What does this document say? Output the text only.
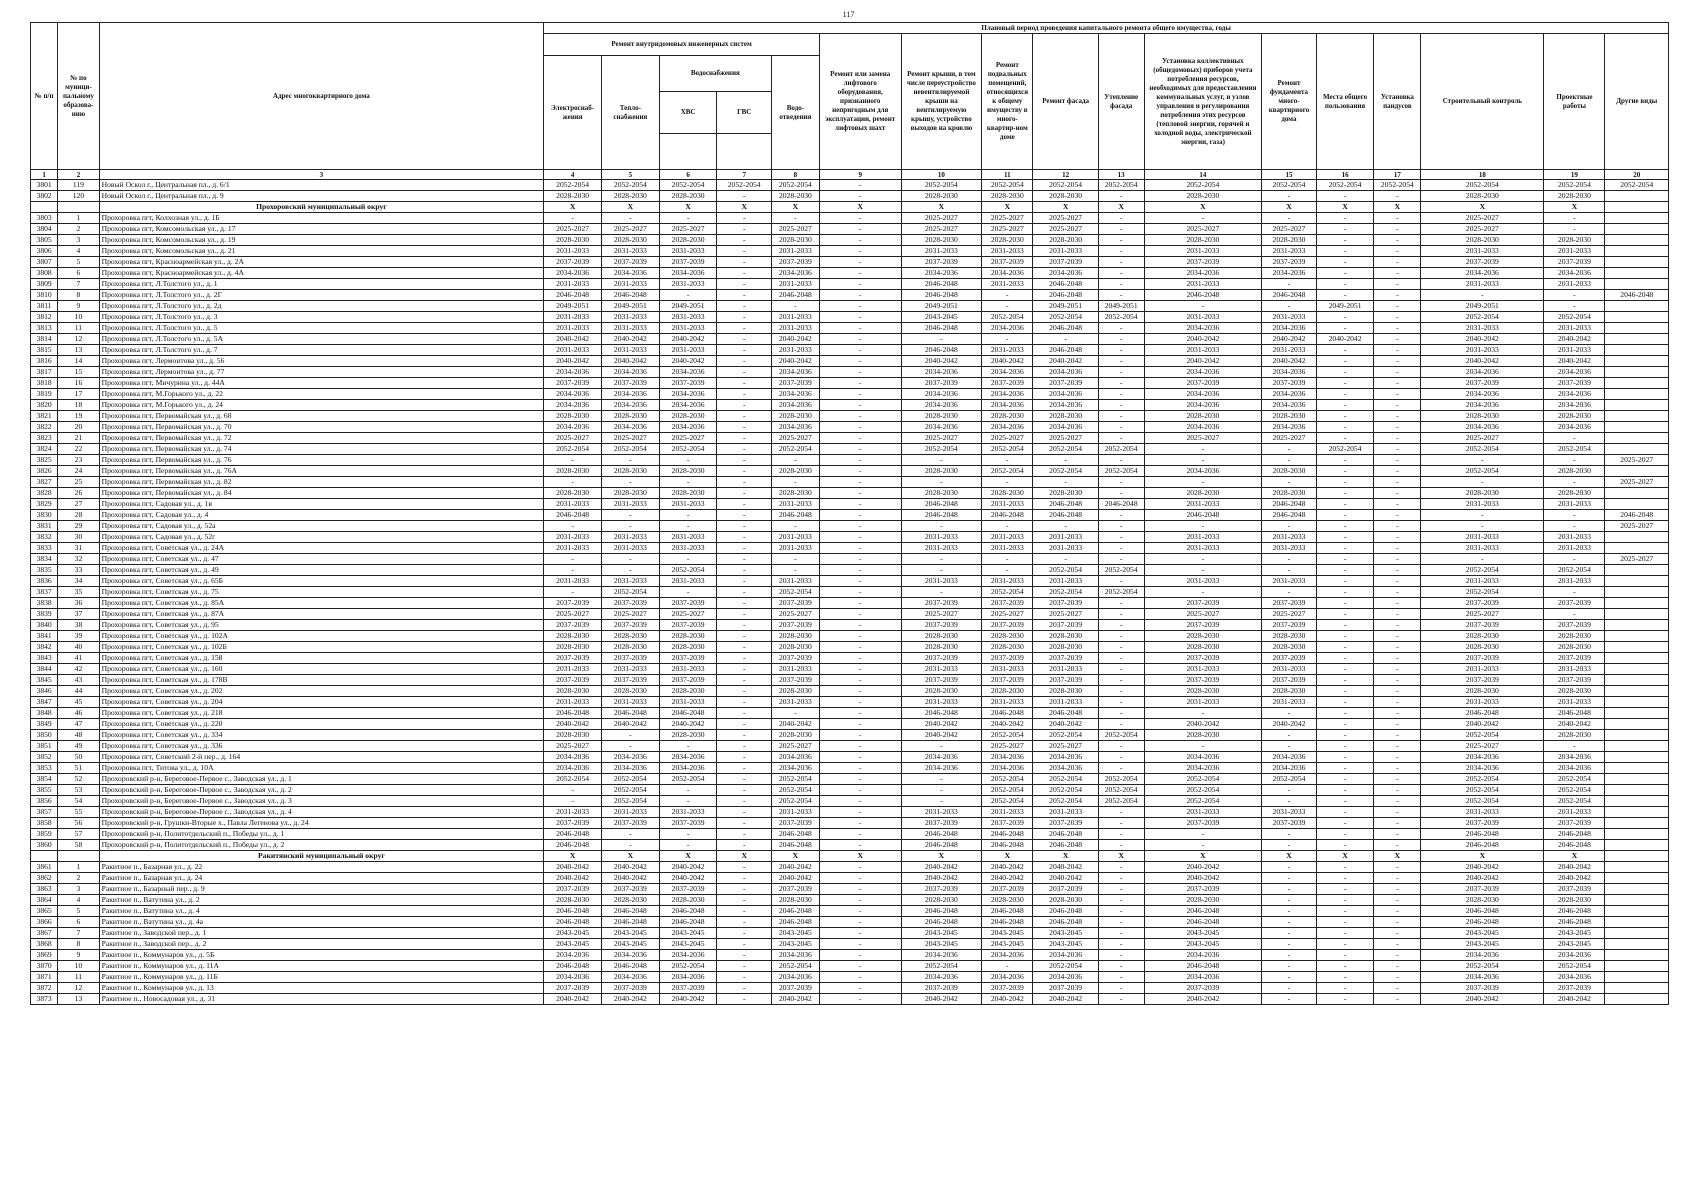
117
№ п/п	№ по муници-пальному образова-нию	Адрес многоквартирного дома	Плановый период проведения капитального ремонта общего имущества, годы																
			Ремонт внутридомовых инженерных систем					Ремонт или замена лифтового оборудования, признанного непригодным для эксплуатации, ремонт лифтовых шахт	Ремонт крыши, в том числе переустройство невентилируемой крыши на вентилируемую крышу, устройство выходов на кровлю	Ремонт подвальных помещений, относящихся к общему имуществу в много-квартир-ном доме	Ремонт фасада	Утепление фасада	Установка коллективных (общедомовых) приборов учета потребления ресурсов, необходимых для предоставления коммунальных услуг, и узлов управления и регулирования потребления этих ресурсов (тепловой энергии, горячей и холодной воды, электрической энергии, газа)	Ремонт фундамента много-квартирного дома	Места общего пользования	Установка пандусов	Строительный контроль	Проектные работы	Другие виды
			Электроснаб-жения	Тепло-снабжения	Водоснабжения		Водо-отведения												
					ХВС	ГВС													

1	2	3	4	5	6	7	8	9	10	11	12	13	14	15	16	17	18	19	20
3801	119	Новый Оскол г., Центральная пл., д. 6/1	2052-2054	2052-2054	2052-2054	2052-2054	2052-2054	-	2052-2054	2052-2054	2052-2054	2052-2054	2052-2054	2052-2054	2052-2054	2052-2054	2052-2054	2052-2054	2052-2054
3802	120	Новый Оскол г., Центральная пл., д. 9	2028-2030	2028-2030	2028-2030	-	2028-2030	-	2028-2030	2028-2030	2028-2030	-	2028-2030	-	-	-	2028-2030	2028-2030	
		Прохоровский муниципальный округ	X	X	X	X	X	X	X	X	X	X	X	X	X	X	X	X	
3803	1	Прохоровка пгт, Колхозная ул., д. 1Б	-	-	-	-	-	-	2025-2027	2025-2027	2025-2027	-	-	-	-	-	2025-2027	-	
3804	2	Прохоровка пгт, Комсомольская ул., д. 17	2025-2027	2025-2027	2025-2027	-	2025-2027	-	2025-2027	2025-2027	2025-2027	-	2025-2027	2025-2027	-	-	2025-2027	-	
3805	3	Прохоровка пгт, Комсомольская ул., д. 19	2028-2030	2028-2030	2028-2030	-	2028-2030	-	2028-2030	2028-2030	2028-2030	-	2028-2030	2028-2030	-	-	2028-2030	2028-2030	
3806	4	Прохоровка пгт, Комсомольская ул., д. 21	2031-2033	2031-2033	2031-2033	-	2031-2033	-	2031-2033	2031-2033	2031-2033	-	2031-2033	2031-2033	-	-	2031-2033	2031-2033	
3807	5	Прохоровка пгт, Красноармейская ул., д. 2А	2037-2039	2037-2039	2037-2039	-	2037-2039	-	2037-2039	2037-2039	2037-2039	-	2037-2039	2037-2039	-	-	2037-2039	2037-2039	
3808	6	Прохоровка пгт, Красноармейская ул., д. 4А	2034-2036	2034-2036	2034-2036	-	2034-2036	-	2034-2036	2034-2036	2034-2036	-	2034-2036	2034-2036	-	-	2034-2036	2034-2036	
3809	7	Прохоровка пгт, Л.Толстого ул., д. 1	2031-2033	2031-2033	2031-2033	-	2031-2033	-	2046-2048	2031-2033	2046-2048	-	2031-2033	-	-	-	2031-2033	2031-2033	
3810	8	Прохоровка пгт, Л.Толстого ул., д. 2Г	2046-2048	2046-2048	-	-	2046-2048	-	2046-2048	-	2046-2048	-	2046-2048	2046-2048	-	-	-	-	2046-2048
3811	9	Прохоровка пгт, Л.Толстого ул., д. 2д	2049-2051	2049-2051	2049-2051	-	-	-	2049-2051	-	2049-2051	2049-2051	-	-	2049-2051	-	2049-2051	-	
3812	10	Прохоровка пгт, Л.Толстого ул., д. 3	2031-2033	2031-2033	2031-2033	-	2031-2033	-	2043-2045	2052-2054	2052-2054	2052-2054	2031-2033	2031-2033	-	-	2052-2054	2052-2054	
3813	11	Прохоровка пгт, Л.Толстого ул., д. 5	2031-2033	2031-2033	2031-2033	-	2031-2033	-	2046-2048	2034-2036	2046-2048	-	2034-2036	2034-2036	-	-	2031-2033	2031-2033	
3814	12	Прохоровка пгт, Л.Толстого ул., д. 5А	2040-2042	2040-2042	2040-2042	-	2040-2042	-	-	-	-	-	2040-2042	2040-2042	2040-2042	-	2040-2042	2040-2042	
3815	13	Прохоровка пгт, Л.Толстого ул., д. 7	2031-2033	2031-2033	2031-2033	-	2031-2033	-	2046-2048	2031-2033	2046-2048	-	2031-2033	2031-2033	-	-	2031-2033	2031-2033	
3816	14	Прохоровка пгт, Лермонтова ул., д. 56	2040-2042	2040-2042	2040-2042	-	2040-2042	-	2040-2042	2040-2042	2040-2042	-	2040-2042	2040-2042	-	-	2040-2042	2040-2042	
3817	15	Прохоровка пгт, Лермонтова ул., д. 77	2034-2036	2034-2036	2034-2036	-	2034-2036	-	2034-2036	2034-2036	2034-2036	-	2034-2036	2034-2036	-	-	2034-2036	2034-2036	
3818	16	Прохоровка пгт, Мичурина ул., д. 44А	2037-2039	2037-2039	2037-2039	-	2037-2039	-	2037-2039	2037-2039	2037-2039	-	2037-2039	2037-2039	-	-	2037-2039	2037-2039	
3819	17	Прохоровка пгт, М.Горького ул., д. 22	2034-2036	2034-2036	2034-2036	-	2034-2036	-	2034-2036	2034-2036	2034-2036	-	2034-2036	2034-2036	-	-	2034-2036	2034-2036	
3820	18	Прохоровка пгт, М.Горького ул., д. 24	2034-2036	2034-2036	2034-2036	-	2034-2036	-	2034-2036	2034-2036	2034-2036	-	2034-2036	2034-2036	-	-	2034-2036	2034-2036	
3821	19	Прохоровка пгт, Первомайская ул., д. 68	2028-2030	2028-2030	2028-2030	-	2028-2030	-	2028-2030	2028-2030	2028-2030	-	2028-2030	2028-2030	-	-	2028-2030	2028-2030	
3822	20	Прохоровка пгт, Первомайская ул., д. 70	2034-2036	2034-2036	2034-2036	-	2034-2036	-	2034-2036	2034-2036	2034-2036	-	2034-2036	2034-2036	-	-	2034-2036	2034-2036	
3823	21	Прохоровка пгт, Первомайская ул., д. 72	2025-2027	2025-2027	2025-2027	-	2025-2027	-	2025-2027	2025-2027	2025-2027	-	2025-2027	2025-2027	-	-	2025-2027	-	
3824	22	Прохоровка пгт, Первомайская ул., д. 74	2052-2054	2052-2054	2052-2054	-	2052-2054	-	2052-2054	2052-2054	2052-2054	2052-2054	-	-	2052-2054	-	2052-2054	2052-2054	
3825	23	Прохоровка пгт, Первомайская ул., д. 76	-	-	-	-	-	-	-	-	-	-	-	-	-	-	-	-	2025-2027
3826	24	Прохоровка пгт, Первомайская ул., д. 76А	2028-2030	2028-2030	2028-2030	-	2028-2030	-	2028-2030	2052-2054	2052-2054	2052-2054	2034-2036	2028-2030	-	-	2052-2054	2028-2030	
3827	25	Прохоровка пгт, Первомайская ул., д. 82	-	-	-	-	-	-	-	-	-	-	-	-	-	-	-	-	2025-2027
3828	26	Прохоровка пгт, Первомайская ул., д. 84	2028-2030	2028-2030	2028-2030	-	2028-2030	-	2028-2030	2028-2030	2028-2030	-	2028-2030	2028-2030	-	-	2028-2030	2028-2030	
3829	27	Прохоровка пгт, Садовая ул., д. 1в	2031-2033	2031-2033	2031-2033	-	2031-2033	-	2046-2048	2031-2033	2046-2048	2046-2048	2031-2033	2046-2048	-	-	2031-2033	2031-2033	
3830	28	Прохоровка пгт, Садовая ул., д. 4	2046-2048	-	-	-	2046-2048	-	2046-2048	2046-2048	2046-2048	-	2046-2048	2046-2048	-	-	-	-	2046-2048
3831	29	Прохоровка пгт, Садовая ул., д. 52а	-	-	-	-	-	-	-	-	-	-	-	-	-	-	-	-	2025-2027
3832	30	Прохоровка пгт, Садовая ул., д. 52г	2031-2033	2031-2033	2031-2033	-	2031-2033	-	2031-2033	2031-2033	2031-2033	-	2031-2033	2031-2033	-	-	2031-2033	2031-2033	
3833	31	Прохоровка пгт, Советская ул., д. 24А	2031-2033	2031-2033	2031-2033	-	2031-2033	-	2031-2033	2031-2033	2031-2033	-	2031-2033	2031-2033	-	-	2031-2033	2031-2033	
3834	32	Прохоровка пгт, Советская ул., д. 47	-	-	-	-	-	-	-	-	-	-	-	-	-	-	-	-	2025-2027
3835	33	Прохоровка пгт, Советская ул., д. 49	-	-	2052-2054	-	-	-	-	-	2052-2054	2052-2054	-	-	-	-	2052-2054	2052-2054	
3836	34	Прохоровка пгт, Советская ул., д. 65Б	2031-2033	2031-2033	2031-2033	-	2031-2033	-	2031-2033	2031-2033	2031-2033	-	2031-2033	2031-2033	-	-	2031-2033	2031-2033	
3837	35	Прохоровка пгт, Советская ул., д. 75	-	2052-2054	-	-	2052-2054	-	-	2052-2054	2052-2054	2052-2054	-	-	-	-	2052-2054	-	
3838	36	Прохоровка пгт, Советская ул., д. 85А	2037-2039	2037-2039	2037-2039	-	2037-2039	-	2037-2039	2037-2039	2037-2039	-	2037-2039	2037-2039	-	-	2037-2039	2037-2039	
3839	37	Прохоровка пгт, Советская ул., д. 87А	2025-2027	2025-2027	2025-2027	-	2025-2027	-	2025-2027	2025-2027	2025-2027	-	2025-2027	2025-2027	-	-	2025-2027	-	
3840	38	Прохоровка пгт, Советская ул., д. 95	2037-2039	2037-2039	2037-2039	-	2037-2039	-	2037-2039	2037-2039	2037-2039	-	2037-2039	2037-2039	-	-	2037-2039	2037-2039	
3841	39	Прохоровка пгт, Советская ул., д. 102А	2028-2030	2028-2030	2028-2030	-	2028-2030	-	2028-2030	2028-2030	2028-2030	-	2028-2030	2028-2030	-	-	2028-2030	2028-2030	
3842	40	Прохоровка пгт, Советская ул., д. 102Б	2028-2030	2028-2030	2028-2030	-	2028-2030	-	2028-2030	2028-2030	2028-2030	-	2028-2030	2028-2030	-	-	2028-2030	2028-2030	
3843	41	Прохоровка пгт, Советская ул., д. 158	2037-2039	2037-2039	2037-2039	-	2037-2039	-	2037-2039	2037-2039	2037-2039	-	2037-2039	2037-2039	-	-	2037-2039	2037-2039	
3844	42	Прохоровка пгт, Советская ул., д. 160	2031-2033	2031-2033	2031-2033	-	2031-2033	-	2031-2033	2031-2033	2031-2033	-	2031-2033	2031-2033	-	-	2031-2033	2031-2033	
3845	43	Прохоровка пгт, Советская ул., д. 178В	2037-2039	2037-2039	2037-2039	-	2037-2039	-	2037-2039	2037-2039	2037-2039	-	2037-2039	2037-2039	-	-	2037-2039	2037-2039	
3846	44	Прохоровка пгт, Советская ул., д. 202	2028-2030	2028-2030	2028-2030	-	2028-2030	-	2028-2030	2028-2030	2028-2030	-	2028-2030	2028-2030	-	-	2028-2030	2028-2030	
3847	45	Прохоровка пгт, Советская ул., д. 204	2031-2033	2031-2033	2031-2033	-	2031-2033	-	2031-2033	2031-2033	2031-2033	-	2031-2033	2031-2033	-	-	2031-2033	2031-2033	
3848	46	Прохоровка пгт, Советская ул., д. 218	2046-2048	2046-2048	2046-2048	-	-	-	2046-2048	2046-2048	2046-2048	-	-	-	-	-	2046-2048	2046-2048	
3849	47	Прохоровка пгт, Советская ул., д. 220	2040-2042	2040-2042	2040-2042	-	2040-2042	-	2040-2042	2040-2042	2040-2042	-	2040-2042	2040-2042	-	-	2040-2042	2040-2042	
3850	48	Прохоровка пгт, Советская ул., д. 334	2028-2030	-	2028-2030	-	2028-2030	-	2040-2042	2052-2054	2052-2054	2052-2054	2028-2030	-	-	-	2052-2054	2028-2030	
3851	49	Прохоровка пгт, Советская ул., д. 336	2025-2027	-	-	-	2025-2027	-	-	2025-2027	2025-2027	-	-	-	-	-	2025-2027	-	
3852	50	Прохоровка пгт, Советский 2-й пер., д. 164	2034-2036	2034-2036	2034-2036	-	2034-2036	-	2034-2036	2034-2036	2034-2036	-	2034-2036	2034-2036	-	-	2034-2036	2034-2036	
3853	51	Прохоровка пгт, Титова ул., д. 10А	2034-2036	2034-2036	2034-2036	-	2034-2036	-	2034-2036	2034-2036	2034-2036	-	2034-2036	2034-2036	-	-	2034-2036	2034-2036	
3854	52	Прохоровский р-н, Береговое-Первое с., Заводская ул., д. 1	2052-2054	2052-2054	2052-2054	-	2052-2054	-	-	2052-2054	2052-2054	2052-2054	2052-2054	2052-2054	-	-	2052-2054	2052-2054	
3855	53	Прохоровский р-н, Береговое-Первое с., Заводская ул., д. 2	-	2052-2054	-	-	2052-2054	-	-	2052-2054	2052-2054	2052-2054	2052-2054	-	-	-	2052-2054	2052-2054	
3856	54	Прохоровский р-н, Береговое-Первое с., Заводская ул., д. 3	-	2052-2054	-	-	2052-2054	-	-	2052-2054	2052-2054	2052-2054	2052-2054	-	-	-	2052-2054	2052-2054	
3857	55	Прохоровский р-н, Береговое-Первое с., Заводская ул., д. 4	2031-2033	2031-2033	2031-2033	-	2031-2033	-	2031-2033	2031-2033	2031-2033	-	2031-2033	2031-2033	-	-	2031-2033	2031-2033	
3858	56	Прохоровский р-н, Грушки-Вторые х., Павла Легенова ул., д. 24	2037-2039	2037-2039	2037-2039	-	2037-2039	-	2037-2039	2037-2039	2037-2039	-	2037-2039	2037-2039	-	-	2037-2039	2037-2039	
3859	57	Прохоровский р-н, Политотдельский п., Победы ул., д. 1	2046-2048	-	-	-	2046-2048	-	2046-2048	2046-2048	2046-2048	-	-	-	-	-	2046-2048	2046-2048	
3860	58	Прохоровский р-н, Политотдельский п., Победы ул., д. 2	2046-2048	-	-	-	2046-2048	-	2046-2048	2046-2048	2046-2048	-	-	-	-	-	2046-2048	2046-2048	
		Ракитянский муниципальный округ	X	X	X	X	X	X	X	X	X	X	X	X	X	X	X	X	
3861	1	Ракитное п., Базарная ул., д. 22	2040-2042	2040-2042	2040-2042	-	2040-2042	-	2040-2042	2040-2042	2040-2042	-	2040-2042	-	-	-	2040-2042	2040-2042	
3862	2	Ракитное п., Базарная ул., д. 24	2040-2042	2040-2042	2040-2042	-	2040-2042	-	2040-2042	2040-2042	2040-2042	-	2040-2042	-	-	-	2040-2042	2040-2042	
3863	3	Ракитное п., Базарный пер., д. 9	2037-2039	2037-2039	2037-2039	-	2037-2039	-	2037-2039	2037-2039	2037-2039	-	2037-2039	-	-	-	2037-2039	2037-2039	
3864	4	Ракитное п., Ватутина ул., д. 2	2028-2030	2028-2030	2028-2030	-	2028-2030	-	2028-2030	2028-2030	2028-2030	-	2028-2030	-	-	-	2028-2030	2028-2030	
3865	5	Ракитное п., Ватутина ул., д. 4	2046-2048	2046-2048	2046-2048	-	2046-2048	-	2046-2048	2046-2048	2046-2048	-	2046-2048	-	-	-	2046-2048	2046-2048	
3866	6	Ракитное п., Ватутина ул., д. 4а	2046-2048	2046-2048	2046-2048	-	2046-2048	-	2046-2048	2046-2048	2046-2048	-	2046-2048	-	-	-	2046-2048	2046-2048	
3867	7	Ракитное п., Заводской пер., д. 1	2043-2045	2043-2045	2043-2045	-	2043-2045	-	2043-2045	2043-2045	2043-2045	-	2043-2045	-	-	-	2043-2045	2043-2045	
3868	8	Ракитное п., Заводской пер., д. 2	2043-2045	2043-2045	2043-2045	-	2043-2045	-	2043-2045	2043-2045	2043-2045	-	2043-2045	-	-	-	2043-2045	2043-2045	
3869	9	Ракитное п., Коммунаров ул., д. 5Б	2034-2036	2034-2036	2034-2036	-	2034-2036	-	2034-2036	2034-2036	2034-2036	-	2034-2036	-	-	-	2034-2036	2034-2036	
3870	10	Ракитное п., Коммунаров ул., д. 11А	2046-2048	2046-2048	2052-2054	-	2052-2054	-	2052-2054	-	2052-2054	-	2046-2048	-	-	-	2052-2054	2052-2054	
3871	11	Ракитное п., Коммунаров ул., д. 11Б	2034-2036	2034-2036	2034-2036	-	2034-2036	-	2034-2036	2034-2036	2034-2036	-	2034-2036	-	-	-	2034-2036	2034-2036	
3872	12	Ракитное п., Коммунаров ул., д. 13	2037-2039	2037-2039	2037-2039	-	2037-2039	-	2037-2039	2037-2039	2037-2039	-	2037-2039	-	-	-	2037-2039	2037-2039	
3873	13	Ракитное п., Новосадовая ул., д. 31	2040-2042	2040-2042	2040-2042	-	2040-2042	-	2040-2042	2040-2042	2040-2042	-	2040-2042	-	-	-	2040-2042	2040-2042	
